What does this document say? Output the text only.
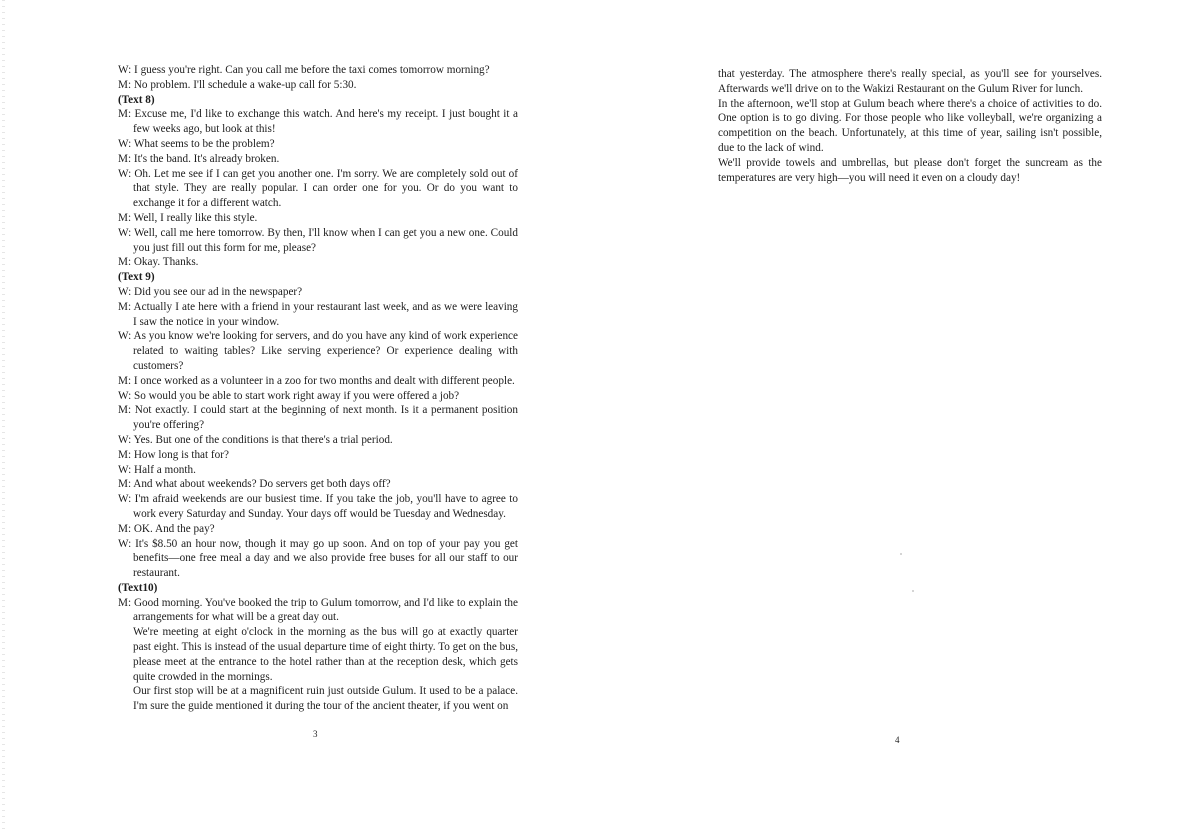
W: I guess you're right. Can you call me before the taxi comes tomorrow morning?

M: No problem. I'll schedule a wake-up call for 5:30.

(Text 8)

M: Excuse me, I'd like to exchange this watch. And here's my receipt. I just bought it a few weeks ago, but look at this!

W: What seems to be the problem?

M: It's the band. It's already broken.

W: Oh. Let me see if I can get you another one. I'm sorry. We are completely sold out of that style. They are really popular. I can order one for you. Or do you want to exchange it for a different watch.

M: Well, I really like this style.

W: Well, call me here tomorrow. By then, I'll know when I can get you a new one. Could you just fill out this form for me, please?

M: Okay. Thanks.

(Text 9)

W: Did you see our ad in the newspaper?

M: Actually I ate here with a friend in your restaurant last week, and as we were leaving I saw the notice in your window.

W: As you know we're looking for servers, and do you have any kind of work experience related to waiting tables? Like serving experience? Or experience dealing with customers?

M: I once worked as a volunteer in a zoo for two months and dealt with different people.

W: So would you be able to start work right away if you were offered a job?

M: Not exactly. I could start at the beginning of next month. Is it a permanent position you're offering?

W: Yes. But one of the conditions is that there's a trial period.

M: How long is that for?

W: Half a month.

M: And what about weekends? Do servers get both days off?

W: I'm afraid weekends are our busiest time. If you take the job, you'll have to agree to work every Saturday and Sunday. Your days off would be Tuesday and Wednesday.

M: OK. And the pay?

W: It's $8.50 an hour now, though it may go up soon. And on top of your pay you get benefits—one free meal a day and we also provide free buses for all our staff to our restaurant.

(Text10)

M: Good morning. You've booked the trip to Gulum tomorrow, and I'd like to explain the arrangements for what will be a great day out.

We're meeting at eight o'clock in the morning as the bus will go at exactly quarter past eight. This is instead of the usual departure time of eight thirty. To get on the bus, please meet at the entrance to the hotel rather than at the reception desk, which gets quite crowded in the mornings.

Our first stop will be at a magnificent ruin just outside Gulum. It used to be a palace. I'm sure the guide mentioned it during the tour of the ancient theater, if you went on

3

that yesterday. The atmosphere there's really special, as you'll see for yourselves. Afterwards we'll drive on to the Wakizi Restaurant on the Gulum River for lunch.

In the afternoon, we'll stop at Gulum beach where there's a choice of activities to do. One option is to go diving. For those people who like volleyball, we're organizing a competition on the beach. Unfortunately, at this time of year, sailing isn't possible, due to the lack of wind.

We'll provide towels and umbrellas, but please don't forget the suncream as the temperatures are very high—you will need it even on a cloudy day!

4
